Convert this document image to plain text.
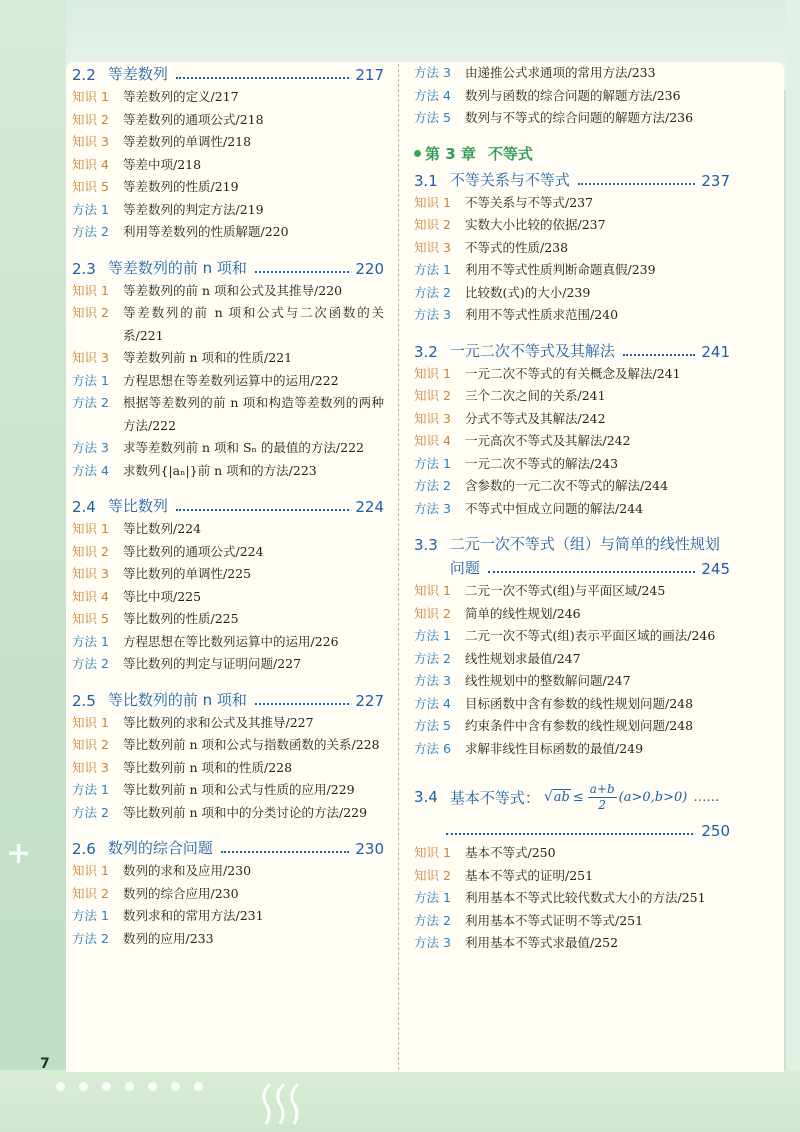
+
2.2 等差数列	217
知识 1	等差数列的定义/217
知识 2	等差数列的通项公式/218
知识 3	等差数列的单调性/218
知识 4	等差中项/218
知识 5	等差数列的性质/219
方法 1	等差数列的判定方法/219
方法 2	利用等差数列的性质解题/220
2.3 等差数列的前 n 项和	220
知识 1	等差数列的前 n 项和公式及其推导/220
知识 2	等差数列的前 n 项和公式与二次函数的关系/221
知识 3	等差数列前 n 项和的性质/221
方法 1	方程思想在等差数列运算中的运用/222
方法 2	根据等差数列的前 n 项和构造等差数列的两种方法/222
方法 3	求等差数列前 n 项和 Sₙ 的最值的方法/222
方法 4	求数列{|aₙ|}前 n 项和的方法/223
2.4 等比数列	224
知识 1	等比数列/224
知识 2	等比数列的通项公式/224
知识 3	等比数列的单调性/225
知识 4	等比中项/225
知识 5	等比数列的性质/225
方法 1	方程思想在等比数列运算中的运用/226
方法 2	等比数列的判定与证明问题/227
2.5 等比数列的前 n 项和	227
知识 1	等比数列的求和公式及其推导/227
知识 2	等比数列前 n 项和公式与指数函数的关系/228
知识 3	等比数列前 n 项和的性质/228
方法 1	等比数列前 n 项和公式与性质的应用/229
方法 2	等比数列前 n 项和中的分类讨论的方法/229
2.6 数列的综合问题	230
知识 1	数列的求和及应用/230
知识 2	数列的综合应用/230
方法 1	数列求和的常用方法/231
方法 2	数列的应用/233
方法 3	由递推公式求通项的常用方法/233
方法 4	数列与函数的综合问题的解题方法/236
方法 5	数列与不等式的综合问题的解题方法/236
第 3 章 不等式
3.1 不等关系与不等式	237
知识 1	不等关系与不等式/237
知识 2	实数大小比较的依据/237
知识 3	不等式的性质/238
方法 1	利用不等式性质判断命题真假/239
方法 2	比较数(式)的大小/239
方法 3	利用不等式性质求范围/240
3.2 一元二次不等式及其解法	241
知识 1	一元二次不等式的有关概念及解法/241
知识 2	三个二次之间的关系/241
知识 3	分式不等式及其解法/242
知识 4	一元高次不等式及其解法/242
方法 1	一元二次不等式的解法/243
方法 2	含参数的一元二次不等式的解法/244
方法 3	不等式中恒成立问题的解法/244
3.3 二元一次不等式（组）与简单的线性规划
问题	245
知识 1	二元一次不等式(组)与平面区域/245
知识 2	简单的线性规划/246
方法 1	二元一次不等式(组)表示平面区域的画法/246
方法 2	线性规划求最值/247
方法 3	线性规划中的整数解问题/247
方法 4	目标函数中含有参数的线性规划问题/248
方法 5	约束条件中含有参数的线性规划问题/248
方法 6	求解非线性目标函数的最值/249
3.4 基本不等式： √ ab ≤ $\frac{a+b}{2} (a>0,b>0)$ ……
250
知识 1	基本不等式/250
知识 2	基本不等式的证明/251
方法 1	利用基本不等式比较代数式大小的方法/251
方法 2	利用基本不等式证明不等式/251
方法 3	利用基本不等式求最值/252
7
